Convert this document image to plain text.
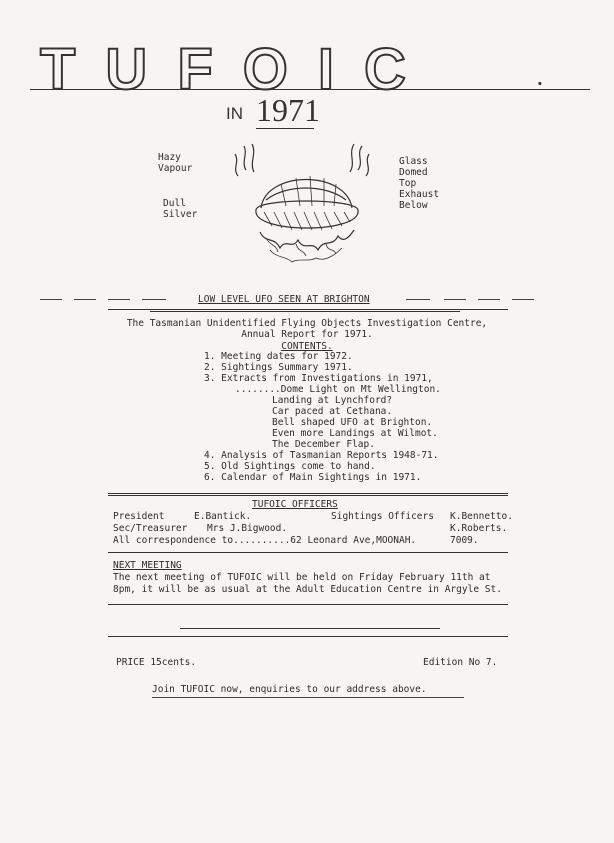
TUFOIC	.
IN 1971
Hazy
Vapour
Dull
Silver
Glass
Domed
Top
Exhaust
Below
LOW LEVEL UFO SEEN AT BRIGHTON
The Tasmanian Unidentified Flying Objects Investigation Centre,
Annual Report for 1971.
CONTENTS.
1. Meeting dates for 1972.
2. Sightings Summary 1971.
3. Extracts from Investigations in 1971,
........Dome Light on Mt Wellington.
Landing at Lynchford?
Car paced at Cethana.
Bell shaped UFO at Brighton.
Even more Landings at Wilmot.
The December Flap.
4. Analysis of Tasmanian Reports 1948-71.
5. Old Sightings come to hand.
6. Calendar of Main Sightings in 1971.
TUFOIC OFFICERS
President	E.Bantick.	Sightings Officers K.Bennetto.
Sec/Treasurer Mrs J.Bigwood.	K.Roberts.
All correspondence to..........62 Leonard Ave,MOONAH.	7009.
NEXT MEETING
The next meeting of TUFOIC will be held on Friday February 11th at
8pm, it will be as usual at the Adult Education Centre in Argyle St.
PRICE 15cents.	Edition No 7.
Join TUFOIC now, enquiries to our address above.
